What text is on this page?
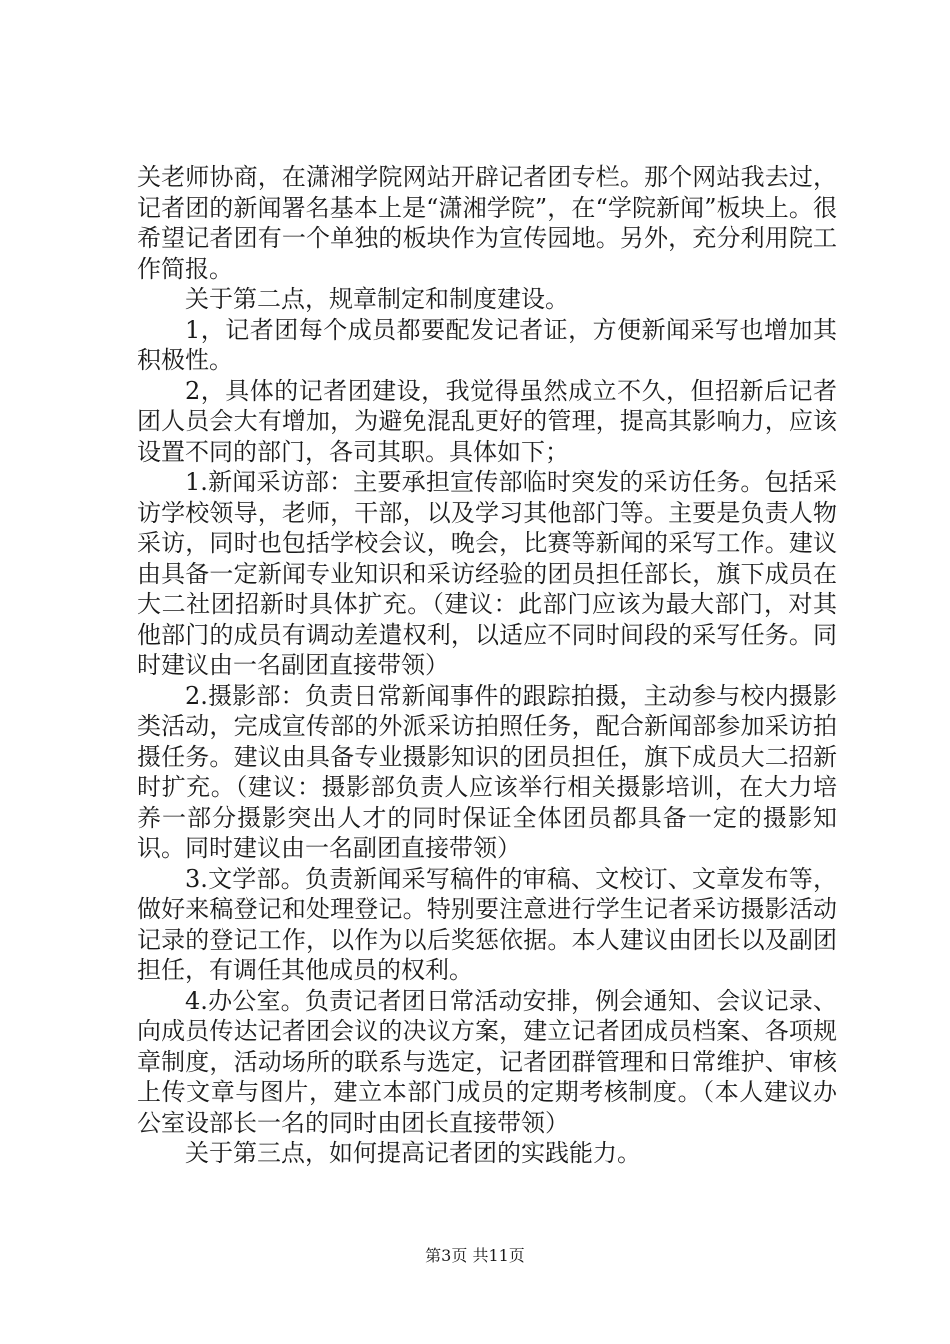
关老师协商，在潇湘学院网站开辟记者团专栏。那个网站我去过，记者团的新闻署名基本上是“潇湘学院”，在“学院新闻”板块上。很希望记者团有一个单独的板块作为宣传园地。另外，充分利用院工作简报。

关于第二点，规章制定和制度建设。

1，记者团每个成员都要配发记者证，方便新闻采写也增加其积极性。

2，具体的记者团建设，我觉得虽然成立不久，但招新后记者团人员会大有增加，为避免混乱更好的管理，提高其影响力，应该设置不同的部门，各司其职。具体如下；

1.新闻采访部：主要承担宣传部临时突发的采访任务。包括采访学校领导，老师，干部，以及学习其他部门等。主要是负责人物采访，同时也包括学校会议，晚会，比赛等新闻的采写工作。建议由具备一定新闻专业知识和采访经验的团员担任部长，旗下成员在大二社团招新时具体扩充。（建议：此部门应该为最大部门，对其他部门的成员有调动差遣权利，以适应不同时间段的采写任务。同时建议由一名副团直接带领）

2.摄影部：负责日常新闻事件的跟踪拍摄，主动参与校内摄影类活动，完成宣传部的外派采访拍照任务，配合新闻部参加采访拍摄任务。建议由具备专业摄影知识的团员担任，旗下成员大二招新时扩充。（建议：摄影部负责人应该举行相关摄影培训，在大力培养一部分摄影突出人才的同时保证全体团员都具备一定的摄影知识。同时建议由一名副团直接带领）

3.文学部。负责新闻采写稿件的审稿、文校订、文章发布等，做好来稿登记和处理登记。特别要注意进行学生记者采访摄影活动记录的登记工作，以作为以后奖惩依据。本人建议由团长以及副团担任，有调任其他成员的权利。

4.办公室。负责记者团日常活动安排，例会通知、会议记录、向成员传达记者团会议的决议方案，建立记者团成员档案、各项规章制度，活动场所的联系与选定，记者团群管理和日常维护、审核上传文章与图片，建立本部门成员的定期考核制度。（本人建议办公室设部长一名的同时由团长直接带领）

关于第三点，如何提高记者团的实践能力。

第3页 共11页
